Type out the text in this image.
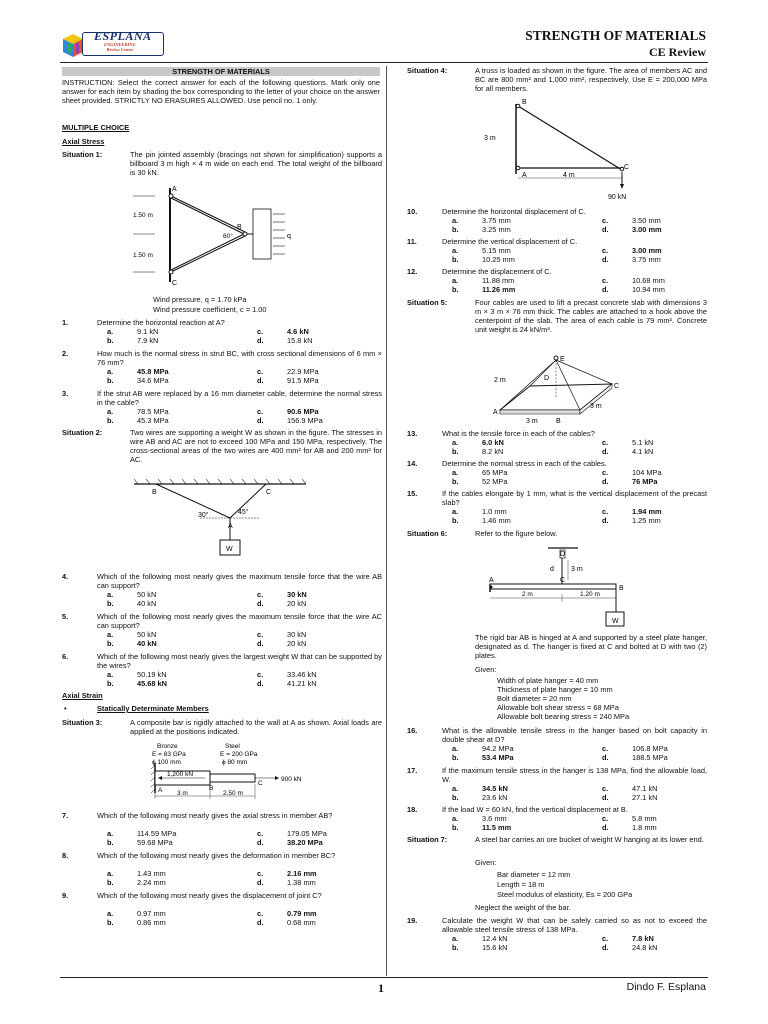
ESPLANA
ENGINEERING
Review Center
STRENGTH OF MATERIALS
CE Review
STRENGTH OF MATERIALS
INSTRUCTION: Select the correct answer for each of the following questions. Mark only one answer for each item by shading the box corresponding to the letter of your choice on the answer sheet provided. STRICTLY NO ERASURES ALLOWED. Use pencil no. 1 only.
MULTIPLE CHOICE
Axial Stress
Situation 1:	The pin jointed assembly (bracings not shown for simplification) supports a billboard 3 m high × 4 m wide on each end. The total weight of the billboard is 30 kN.
A
B
C
q
1.50 m
1.50 m
60°
Wind pressure, q = 1.70 kPa
Wind pressure coefficient, c = 1.00
1.	Determine the horizontal reaction at A?
a.	9.1 kN	c.	4.6 kN
b.	7.9 kN	d.	15.8 kN
2.	How much is the normal stress in strut BC, with cross sectional dimensions of 6 mm × 76 mm?
a.	45.8 MPa	c.	22.9 MPa
b.	34.6 MPa	d.	91.5 MPa
3.	If the strut AB were replaced by a 16 mm diameter cable, determine the normal stress in the cable?
a.	78.5 MPa	c.	90.6 MPa
b.	45.3 MPa	d.	156.9 MPa
Situation 2:	Two wires are supporting a weight W as shown in the figure. The stresses in wire AB and AC are not to exceed 100 MPa and 150 MPa, respectively. The cross-sectional areas of the two wires are 400 mm² for AB and 200 mm² for AC.
B	C
A
W
30°	45°
4.	Which of the following most nearly gives the maximum tensile force that the wire AB can support?
a.	50 kN	c.	30 kN
b.	40 kN	d.	20 kN
5.	Which of the following most nearly gives the maximum tensile force that the wire AC can support?
a.	50 kN	c.	30 kN
b.	40 kN	d.	20 kN
6.	Which of the following most nearly gives the largest weight W that can be supported by the wires?
a.	50.19 kN	c.	33.46 kN
b.	45.68 kN	d.	41.21 kN
Axial Strain
•	Statically Determinate Members
Situation 3:	A composite bar is rigidly attached to the wall at A as shown. Axial loads are applied at the positions indicated.
Bronze
E = 83 GPa
ϕ 100 mm
Steel
E = 200 GPa
ϕ 80 mm
1,200 kN
900 kN
A	B
C
3 m	2.50 m
7.	Which of the following most nearly gives the axial stress in member AB?
a.	114.59 MPa	c.	179.05 MPa
b.	59.68 MPa	d.	38.20 MPa
8.	Which of the following most nearly gives the deformation in member BC?
a.	1.43 mm	c.	2.16 mm
b.	2.24 mm	d.	1.38 mm
9.	Which of the following most nearly gives the displacement of joint C?
a.	0.97 mm	c.	0.79 mm
b.	0.86 mm	d.	0.68 mm
Situation 4:	A truss is loaded as shown in the figure. The area of members AC and BC are 800 mm² and 1,000 mm², respectively. Use E = 200,000 MPa for all members.
B
A
C
3 m
4 m
90 kN
10.	Determine the horizontal displacement of C.
a.	3.75 mm	c.	3.50 mm
b.	3.25 mm	d.	3.00 mm
11.	Determine the vertical displacement of C.
a.	5.15 mm	c.	3.00 mm
b.	10.25 mm	d.	3.75 mm
12.	Determine the displacement of C.
a.	11.88 mm	c.	10.68 mm
b.	11.26 mm	d.	10.94 mm
Situation 5:	Four cables are used to lift a precast concrete slab with dimensions 3 m × 3 m × 76 mm thick. The cables are attached to a hook above the centerpoint of the slab. The area of each cable is 79 mm². Concrete unit weight is 24 kN/m³.
E
D
C
A
B
2 m
3 m
3 m
13.	What is the tensile force in each of the cables?
a.	6.0 kN	c.	5.1 kN
b.	8.2 kN	d.	4.1 kN
14.	Determine the normal stress in each of the cables.
a.	65 MPa	c.	104 MPa
b.	52 MPa	d.	76 MPa
15.	If the cables elongate by 1 mm, what is the vertical displacement of the precast slab?
a.	1.0 mm	c.	1.94 mm
b.	1.46 mm	d.	1.25 mm
Situation 6:	Refer to the figure below.
D
d 3 m
A	C
B
2 m	1.20 m
W
The rigid bar AB is hinged at A and supported by a steel plate hanger, designated as d. The hanger is fixed at C and bolted at D with two (2) plates.
Given:
Width of plate hanger = 40 mm
Thickness of plate hanger = 10 mm
Bolt diameter = 20 mm
Allowable bolt shear stress = 68 MPa
Allowable bolt bearing stress = 240 MPa
16.	What is the allowable tensile stress in the hanger based on bolt capacity in double shear at D?
a.	94.2 MPa	c.	106.8 MPa
b.	53.4 MPa	d.	188.5 MPa
17.	If the maximum tensile stress in the hanger is 138 MPa, find the allowable load, W.
a.	34.5 kN	c.	47.1 kN
b.	23.6 kN	d.	27.1 kN
18.	If the load W = 60 kN, find the vertical displacement at B.
a.	3.6 mm	c.	5.8 mm
b.	11.5 mm	d.	1.8 mm
Situation 7:	A steel bar carries an ore bucket of weight W hanging at its lower end.
Given:
Bar diameter = 12 mm
Length = 18 m
Steel modulus of elasticity, Es = 200 GPa
Neglect the weight of the bar.
19.	Calculate the weight W that can be safely carried so as not to exceed the allowable steel tensile stress of 138 MPa.
a.	12.4 kN	c.	7.8 kN
b.	15.6 kN	d.	24.8 kN
1	Dindo F. Esplana
